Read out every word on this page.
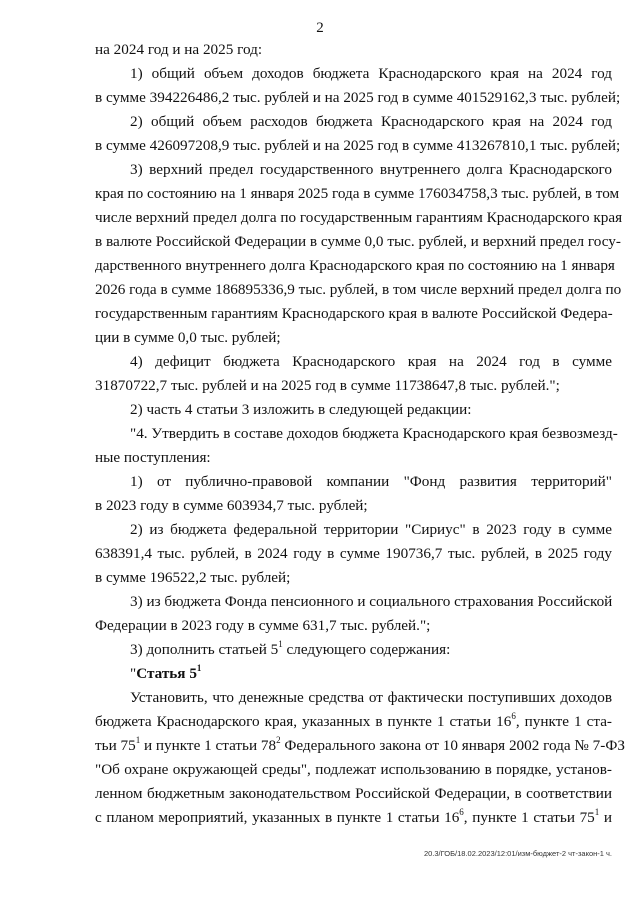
2
на 2024 год и на 2025 год:
1) общий объем доходов бюджета Краснодарского края на 2024 год
в сумме 394226486,2 тыс. рублей и на 2025 год в сумме 401529162,3 тыс. рублей;
2) общий объем расходов бюджета Краснодарского края на 2024 год
в сумме 426097208,9 тыс. рублей и на 2025 год в сумме 413267810,1 тыс. рублей;
3) верхний предел государственного внутреннего долга Краснодарского
края по состоянию на 1 января 2025 года в сумме 176034758,3 тыс. рублей, в том
числе верхний предел долга по государственным гарантиям Краснодарского края
в валюте Российской Федерации в сумме 0,0 тыс. рублей, и верхний предел госу-
дарственного внутреннего долга Краснодарского края по состоянию на 1 января
2026 года в сумме 186895336,9 тыс. рублей, в том числе верхний предел долга по
государственным гарантиям Краснодарского края в валюте Российской Федера-
ции в сумме 0,0 тыс. рублей;
4) дефицит бюджета Краснодарского края на 2024 год в сумме
31870722,7 тыс. рублей и на 2025 год в сумме 11738647,8 тыс. рублей.";
2) часть 4 статьи 3 изложить в следующей редакции:
"4. Утвердить в составе доходов бюджета Краснодарского края безвозмезд-
ные поступления:
1) от публично-правовой компании "Фонд развития территорий"
в 2023 году в сумме 603934,7 тыс. рублей;
2) из бюджета федеральной территории "Сириус" в 2023 году в сумме
638391,4 тыс. рублей, в 2024 году в сумме 190736,7 тыс. рублей, в 2025 году
в сумме 196522,2 тыс. рублей;
3) из бюджета Фонда пенсионного и социального страхования Российской
Федерации в 2023 году в сумме 631,7 тыс. рублей.";
3) дополнить статьей $5^1$ следующего содержания:
"Статья $5^1$
Установить, что денежные средства от фактически поступивших доходов
бюджета Краснодарского края, указанных в пункте 1 статьи $16^6$, пункте 1 ста-
тьи $75^1$ и пункте 1 статьи $78^2$ Федерального закона от 10 января 2002 года № 7-ФЗ
"Об охране окружающей среды", подлежат использованию в порядке, установ-
ленном бюджетным законодательством Российской Федерации, в соответствии
с планом мероприятий, указанных в пункте 1 статьи $16^6$, пункте 1 статьи $75^1$ и
20.3/ГОБ/18.02.2023/12:01/изм-бюджет-2 чт-закон-1 ч.
